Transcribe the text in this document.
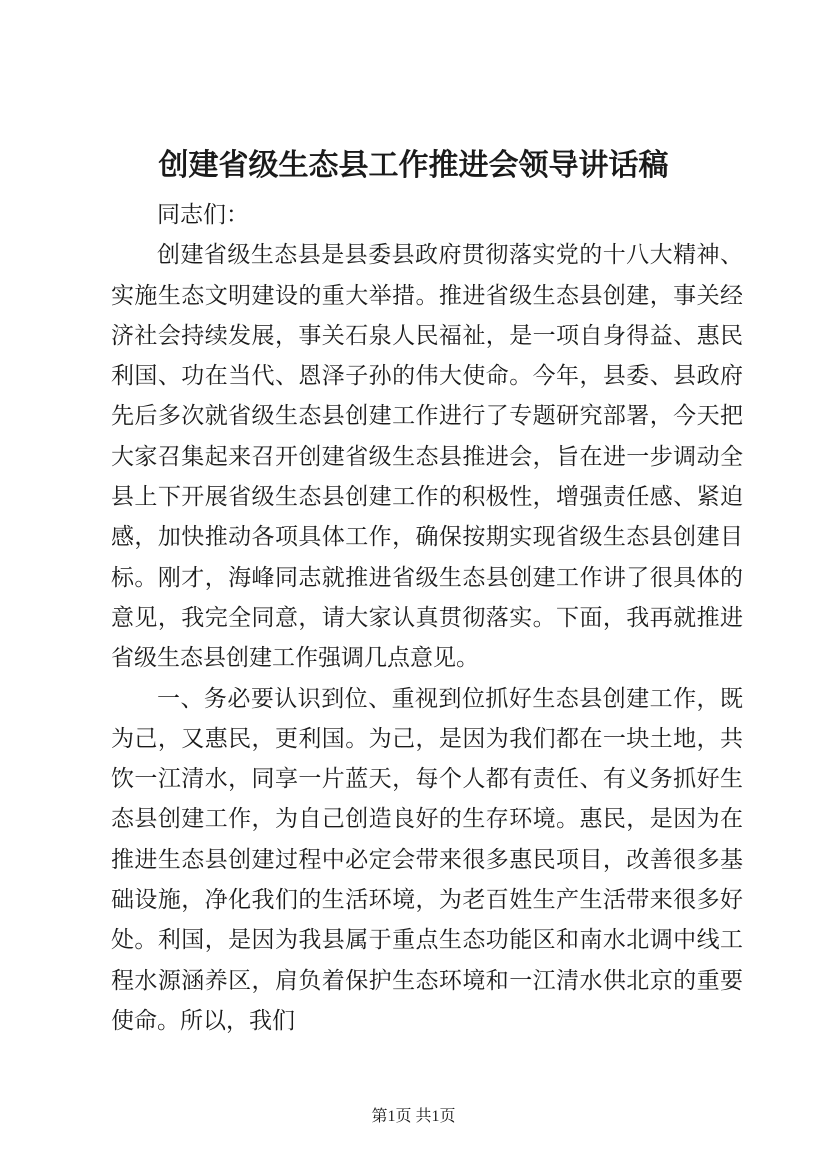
创建省级生态县工作推进会领导讲话稿

同志们：

创建省级生态县是县委县政府贯彻落实党的十八大精神、实施生态文明建设的重大举措。推进省级生态县创建，事关经济社会持续发展，事关石泉人民福祉，是一项自身得益、惠民利国、功在当代、恩泽子孙的伟大使命。今年，县委、县政府先后多次就省级生态县创建工作进行了专题研究部署，今天把大家召集起来召开创建省级生态县推进会，旨在进一步调动全县上下开展省级生态县创建工作的积极性，增强责任感、紧迫感，加快推动各项具体工作，确保按期实现省级生态县创建目标。刚才，海峰同志就推进省级生态县创建工作讲了很具体的意见，我完全同意，请大家认真贯彻落实。下面，我再就推进省级生态县创建工作强调几点意见。

一、务必要认识到位、重视到位抓好生态县创建工作，既为己，又惠民，更利国。为己，是因为我们都在一块土地，共饮一江清水，同享一片蓝天，每个人都有责任、有义务抓好生态县创建工作，为自己创造良好的生存环境。惠民，是因为在推进生态县创建过程中必定会带来很多惠民项目，改善很多基础设施，净化我们的生活环境，为老百姓生产生活带来很多好处。利国，是因为我县属于重点生态功能区和南水北调中线工程水源涵养区，肩负着保护生态环境和一江清水供北京的重要使命。所以，我们

第1页 共1页
